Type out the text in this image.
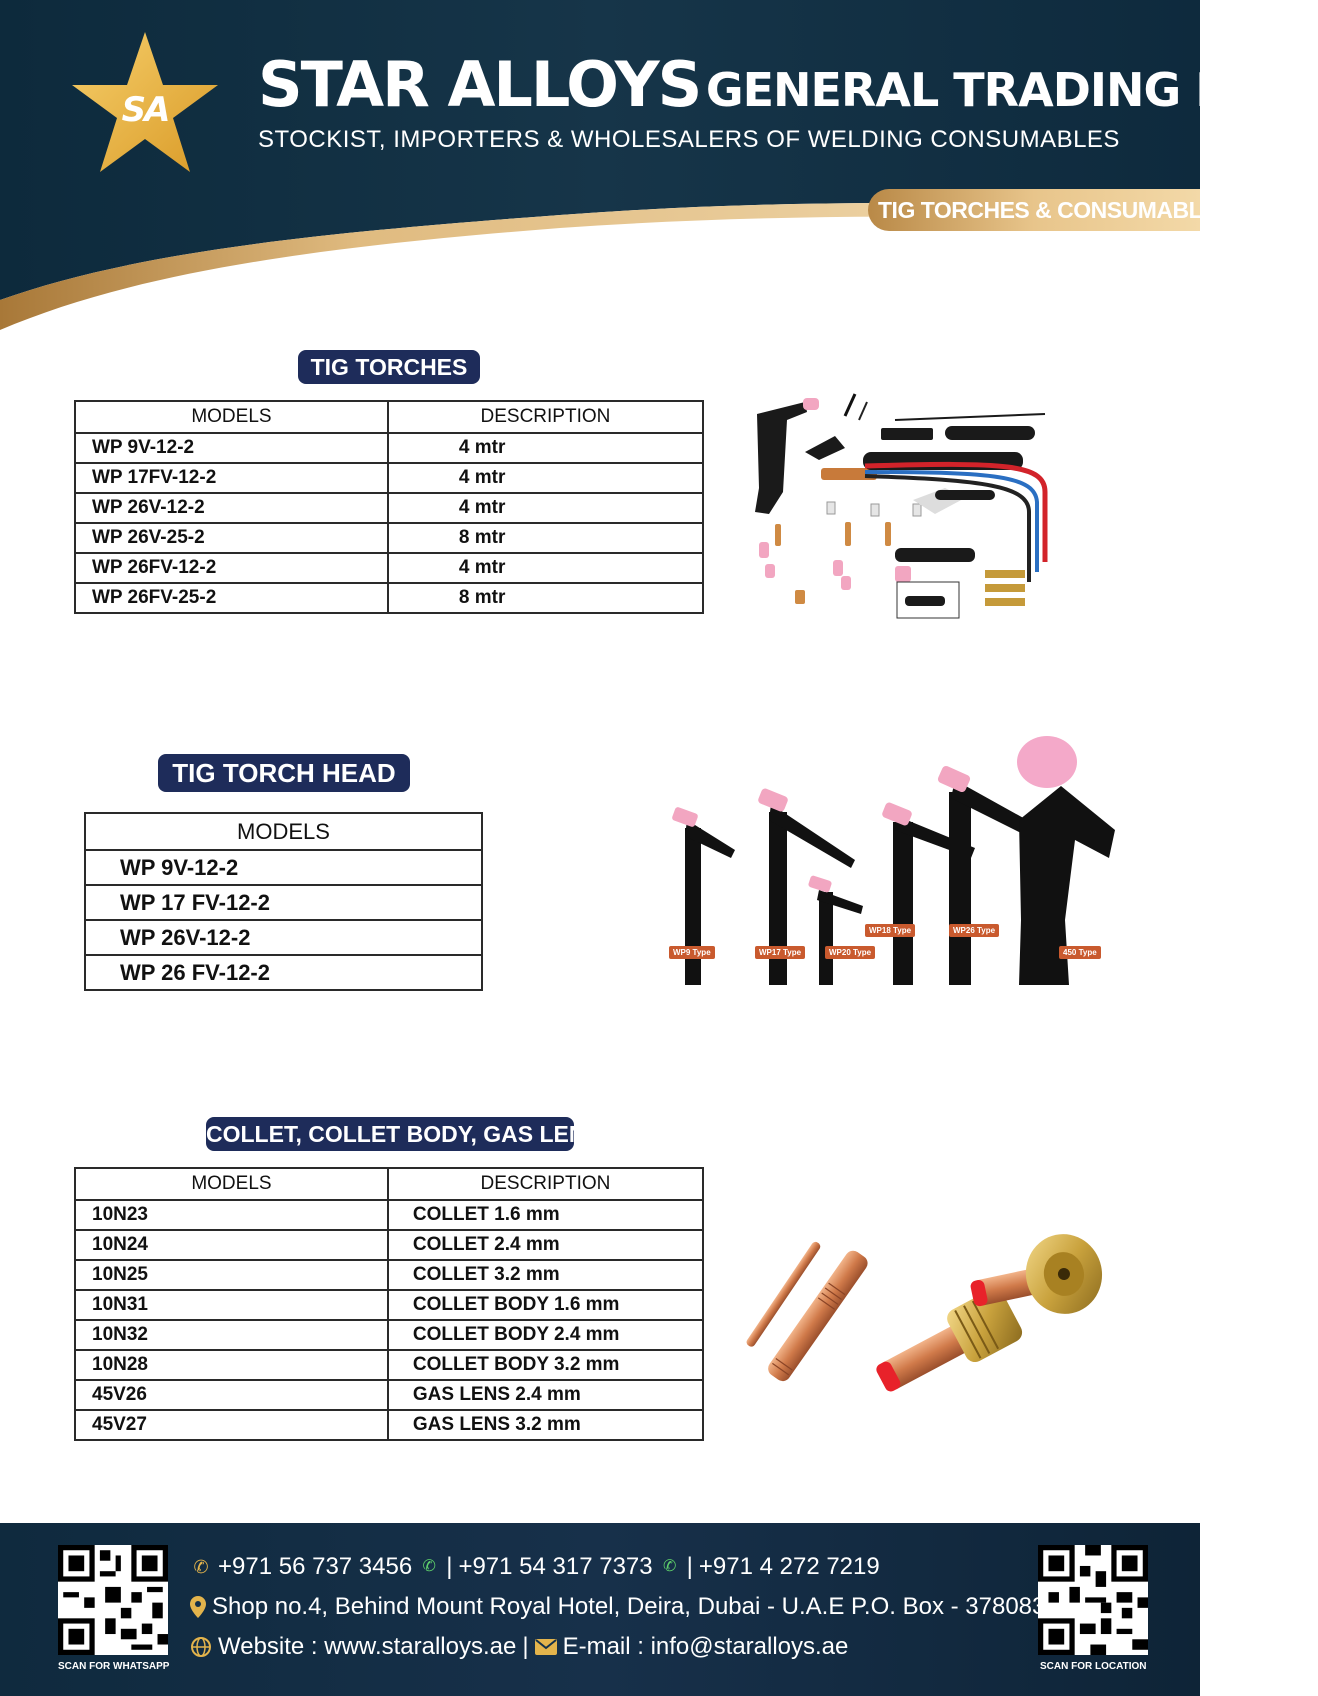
SA STAR ALLOYS GENERAL TRADING L.L.C
STOCKIST, IMPORTERS & WHOLESALERS OF WELDING CONSUMABLES
TIG TORCHES & CONSUMABLES
TIG TORCHES
MODELS	DESCRIPTION
WP 9V-12-2	4 mtr
WP 17FV-12-2	4 mtr
WP 26V-12-2	4 mtr
WP 26V-25-2	8 mtr
WP 26FV-12-2	4 mtr
WP 26FV-25-2	8 mtr
TIG TORCH HEAD
MODELS
WP 9V-12-2
WP 17 FV-12-2
WP 26V-12-2
WP 26 FV-12-2
WP9 Type	WP17 Type	WP20 Type
WP18 Type	WP26 Type
450 Type
COLLET, COLLET BODY, GAS LENS
MODELS	DESCRIPTION
10N23	COLLET 1.6 mm
10N24	COLLET 2.4 mm
10N25	COLLET 3.2 mm
10N31	COLLET BODY 1.6 mm
10N32	COLLET BODY 2.4 mm
10N28	COLLET BODY 3.2 mm
45V26	GAS LENS 2.4 mm
45V27	GAS LENS 3.2 mm
SCAN FOR WHATSAPP	SCAN FOR LOCATION
✆ +971 56 737 3456 ✆ | +971 54 317 7373 ✆ | +971 4 272 7219
Shop no.4, Behind Mount Royal Hotel, Deira, Dubai - U.A.E P.O. Box - 378083
Website : www.staralloys.ae | E-mail : info@staralloys.ae
